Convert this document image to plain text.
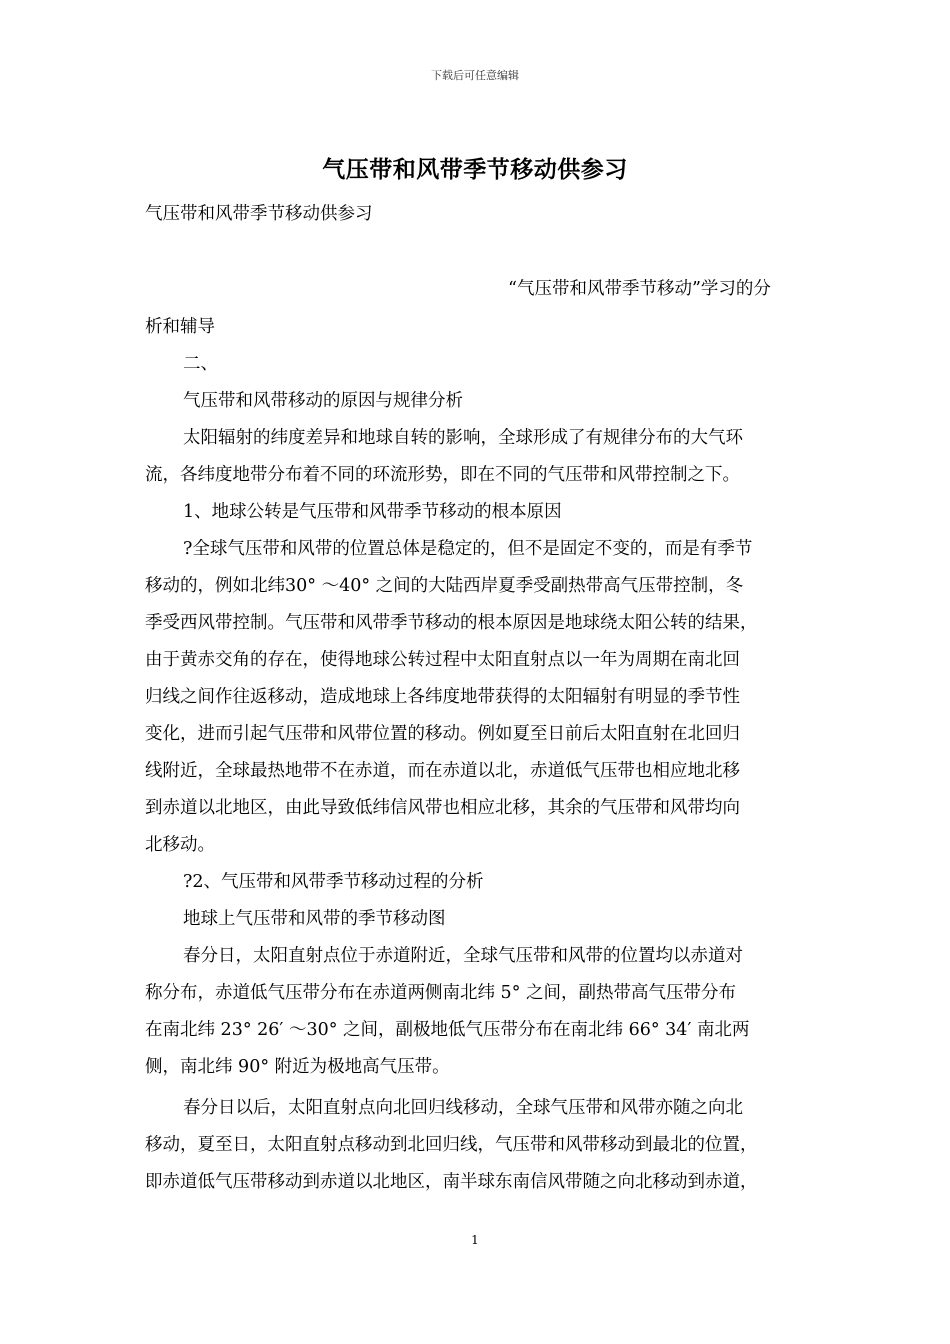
下载后可任意编辑
气压带和风带季节移动供参习
气压带和风带季节移动供参习
“气压带和风带季节移动”学习的分
析和辅导
二、
气压带和风带移动的原因与规律分析
太阳辐射的纬度差异和地球自转的影响，全球形成了有规律分布的大气环
流，各纬度地带分布着不同的环流形势，即在不同的气压带和风带控制之下。
1、地球公转是气压带和风带季节移动的根本原因
?全球气压带和风带的位置总体是稳定的，但不是固定不变的，而是有季节
移动的，例如北纬30° ～40° 之间的大陆西岸夏季受副热带高气压带控制，冬
季受西风带控制。气压带和风带季节移动的根本原因是地球绕太阳公转的结果，
由于黄赤交角的存在，使得地球公转过程中太阳直射点以一年为周期在南北回
归线之间作往返移动，造成地球上各纬度地带获得的太阳辐射有明显的季节性
变化，进而引起气压带和风带位置的移动。例如夏至日前后太阳直射在北回归
线附近，全球最热地带不在赤道，而在赤道以北，赤道低气压带也相应地北移
到赤道以北地区，由此导致低纬信风带也相应北移，其余的气压带和风带均向
北移动。
?2、气压带和风带季节移动过程的分析
地球上气压带和风带的季节移动图
春分日，太阳直射点位于赤道附近，全球气压带和风带的位置均以赤道对
称分布，赤道低气压带分布在赤道两侧南北纬 5° 之间，副热带高气压带分布
在南北纬 23° 26′ ～30° 之间，副极地低气压带分布在南北纬 66° 34′ 南北两
侧，南北纬 90° 附近为极地高气压带。
春分日以后，太阳直射点向北回归线移动，全球气压带和风带亦随之向北
移动，夏至日，太阳直射点移动到北回归线，气压带和风带移动到最北的位置，
即赤道低气压带移动到赤道以北地区，南半球东南信风带随之向北移动到赤道，
1
